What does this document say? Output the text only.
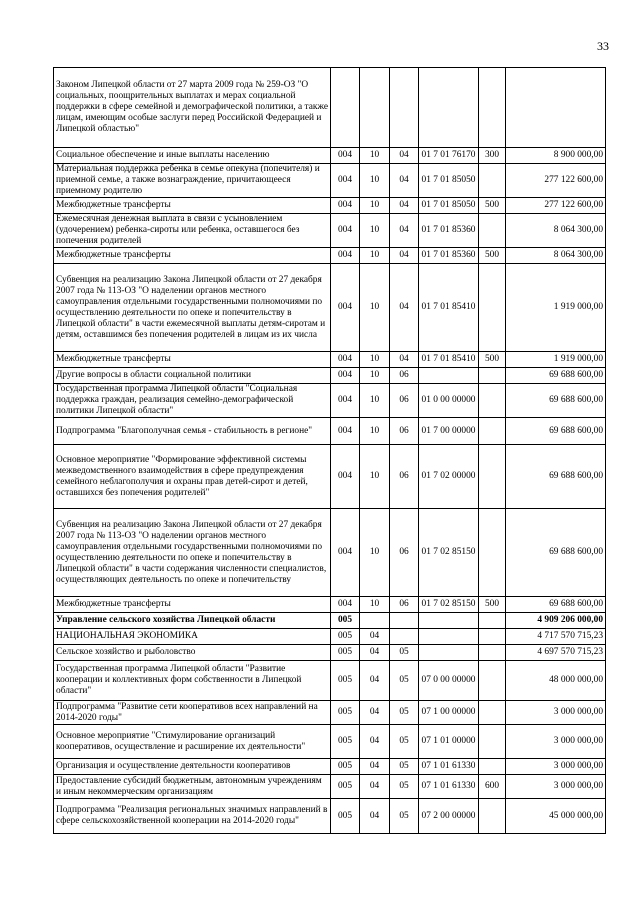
33
Законом Липецкой области от 27 марта 2009 года № 259-ОЗ "О социальных, поощрительных выплатах и мерах социальной поддержки в сфере семейной и демографической политики, а также лицам, имеющим особые заслуги перед Российской Федерацией и Липецкой областью"						
Социальное обеспечение и иные выплаты населению	004	10	04	01 7 01 76170	300	8 900 000,00
Материальная поддержка ребенка в семье опекуна (попечителя) и приемной семье, а также вознаграждение, причитающееся приемному родителю	004	10	04	01 7 01 85050		277 122 600,00
Межбюджетные трансферты	004	10	04	01 7 01 85050	500	277 122 600,00
Ежемесячная денежная выплата в связи с усыновлением (удочерением) ребенка-сироты или ребенка, оставшегося без попечения родителей	004	10	04	01 7 01 85360		8 064 300,00
Межбюджетные трансферты	004	10	04	01 7 01 85360	500	8 064 300,00
Субвенция на реализацию Закона Липецкой области от 27 декабря 2007 года № 113-ОЗ "О наделении органов местного самоуправления отдельными государственными полномочиями по осуществлению деятельности по опеке и попечительству в Липецкой области" в части ежемесячной выплаты детям-сиротам и детям, оставшимся без попечения родителей в лицам из их числа	004	10	04	01 7 01 85410		1 919 000,00
Межбюджетные трансферты	004	10	04	01 7 01 85410	500	1 919 000,00
Другие вопросы в области социальной политики	004	10	06			69 688 600,00
Государственная программа Липецкой области "Социальная поддержка граждан, реализация семейно-демографической политики Липецкой области"	004	10	06	01 0 00 00000		69 688 600,00
Подпрограмма "Благополучная семья - стабильность в регионе"	004	10	06	01 7 00 00000		69 688 600,00
Основное мероприятие "Формирование эффективной системы межведомственного взаимодействия в сфере предупреждения семейного неблагополучия и охраны прав детей-сирот и детей, оставшихся без попечения родителей"	004	10	06	01 7 02 00000		69 688 600,00
Субвенция на реализацию Закона Липецкой области от 27 декабря 2007 года № 113-ОЗ "О наделении органов местного самоуправления отдельными государственными полномочиями по осуществлению деятельности по опеке и попечительству в Липецкой области" в части содержания численности специалистов, осуществляющих деятельность по опеке и попечительству	004	10	06	01 7 02 85150		69 688 600,00
Межбюджетные трансферты	004	10	06	01 7 02 85150	500	69 688 600,00
Управление сельского хозяйства Липецкой области	005					4 909 206 000,00
НАЦИОНАЛЬНАЯ ЭКОНОМИКА	005	04				4 717 570 715,23
Сельское хозяйство и рыболовство	005	04	05			4 697 570 715,23
Государственная программа Липецкой области "Развитие кооперации и коллективных форм собственности в Липецкой области"	005	04	05	07 0 00 00000		48 000 000,00
Подпрограмма "Развитие сети кооперативов всех направлений на 2014-2020 годы"	005	04	05	07 1 00 00000		3 000 000,00
Основное мероприятие "Стимулирование организаций кооперативов, осуществление и расширение их деятельности"	005	04	05	07 1 01 00000		3 000 000,00
Организация и осуществление деятельности кооперативов	005	04	05	07 1 01 61330		3 000 000,00
Предоставление субсидий бюджетным, автономным учреждениям и иным некоммерческим организациям	005	04	05	07 1 01 61330	600	3 000 000,00
Подпрограмма "Реализация региональных значимых направлений в сфере сельскохозяйственной кооперации на 2014-2020 годы"	005	04	05	07 2 00 00000		45 000 000,00
